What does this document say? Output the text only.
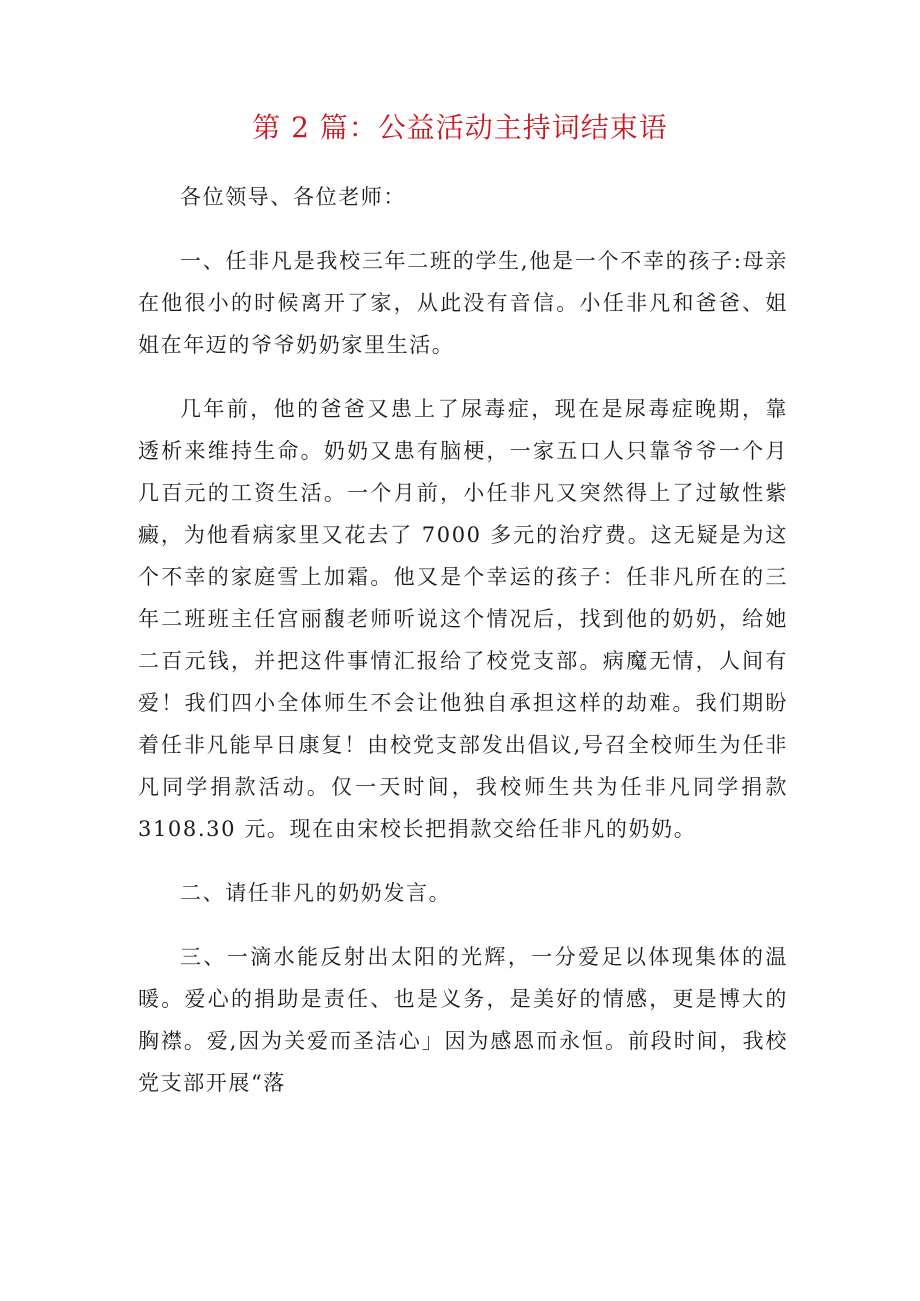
第 2 篇：公益活动主持词结束语

各位领导、各位老师：

一、任非凡是我校三年二班的学生,他是一个不幸的孩子:母亲在他很小的时候离开了家，从此没有音信。小任非凡和爸爸、姐姐在年迈的爷爷奶奶家里生活。

几年前，他的爸爸又患上了尿毒症，现在是尿毒症晚期，靠透析来维持生命。奶奶又患有脑梗，一家五口人只靠爷爷一个月几百元的工资生活。一个月前，小任非凡又突然得上了过敏性紫癜，为他看病家里又花去了 7000 多元的治疗费。这无疑是为这个不幸的家庭雪上加霜。他又是个幸运的孩子：任非凡所在的三年二班班主任宫丽馥老师听说这个情况后，找到他的奶奶，给她二百元钱，并把这件事情汇报给了校党支部。病魔无情，人间有爱！我们四小全体师生不会让他独自承担这样的劫难。我们期盼着任非凡能早日康复！由校党支部发出倡议,号召全校师生为任非凡同学捐款活动。仅一天时间，我校师生共为任非凡同学捐款 3108.30 元。现在由宋校长把捐款交给任非凡的奶奶。

二、请任非凡的奶奶发言。

三、一滴水能反射出太阳的光辉，一分爱足以体现集体的温暖。爱心的捐助是责任、也是义务，是美好的情感，更是博大的胸襟。爱,因为关爱而圣洁心」因为感恩而永恒。前段时间，我校党支部开展“落
